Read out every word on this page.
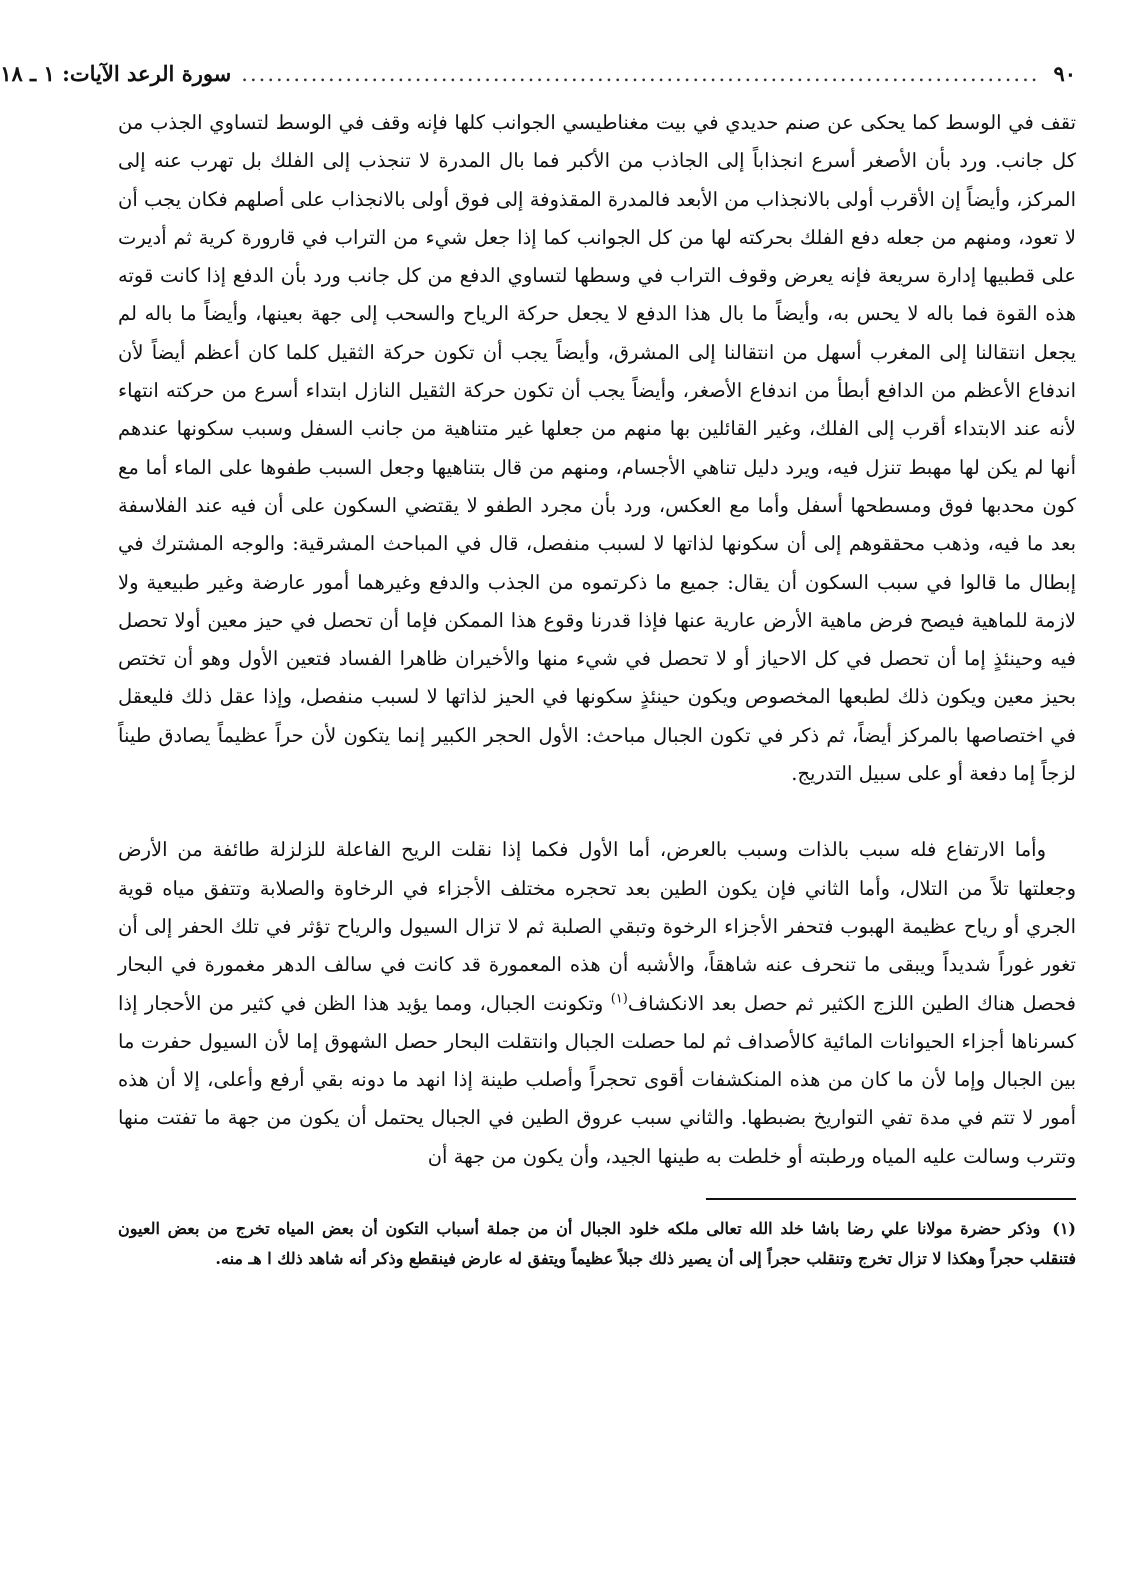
٩٠
............................................................................................
سورة الرعد الآيات: ١ ـ ١٨

تقف في الوسط كما يحكى عن صنم حديدي في بيت مغناطيسي الجوانب كلها فإنه وقف في الوسط لتساوي الجذب من كل جانب. ورد بأن الأصغر أسرع انجذاباً إلى الجاذب من الأكبر فما بال المدرة لا تنجذب إلى الفلك بل تهرب عنه إلى المركز، وأيضاً إن الأقرب أولى بالانجذاب من الأبعد فالمدرة المقذوفة إلى فوق أولى بالانجذاب على أصلهم فكان يجب أن لا تعود، ومنهم من جعله دفع الفلك بحركته لها من كل الجوانب كما إذا جعل شيء من التراب في قارورة كرية ثم أديرت على قطبيها إدارة سريعة فإنه يعرض وقوف التراب في وسطها لتساوي الدفع من كل جانب ورد بأن الدفع إذا كانت قوته هذه القوة فما باله لا يحس به، وأيضاً ما بال هذا الدفع لا يجعل حركة الرياح والسحب إلى جهة بعينها، وأيضاً ما باله لم يجعل انتقالنا إلى المغرب أسهل من انتقالنا إلى المشرق، وأيضاً يجب أن تكون حركة الثقيل كلما كان أعظم أيضاً لأن اندفاع الأعظم من الدافع أبطأ من اندفاع الأصغر، وأيضاً يجب أن تكون حركة الثقيل النازل ابتداء أسرع من حركته انتهاء لأنه عند الابتداء أقرب إلى الفلك، وغير القائلين بها منهم من جعلها غير متناهية من جانب السفل وسبب سكونها عندهم أنها لم يكن لها مهبط تنزل فيه، ويرد دليل تناهي الأجسام، ومنهم من قال بتناهيها وجعل السبب طفوها على الماء أما مع كون محدبها فوق ومسطحها أسفل وأما مع العكس، ورد بأن مجرد الطفو لا يقتضي السكون على أن فيه عند الفلاسفة بعد ما فيه، وذهب محققوهم إلى أن سكونها لذاتها لا لسبب منفصل، قال في المباحث المشرقية: والوجه المشترك في إبطال ما قالوا في سبب السكون أن يقال: جميع ما ذكرتموه من الجذب والدفع وغيرهما أمور عارضة وغير طبيعية ولا لازمة للماهية فيصح فرض ماهية الأرض عارية عنها فإذا قدرنا وقوع هذا الممكن فإما أن تحصل في حيز معين أولا تحصل فيه وحينئذٍ إما أن تحصل في كل الاحياز أو لا تحصل في شيء منها والأخيران ظاهرا الفساد فتعين الأول وهو أن تختص بحيز معين ويكون ذلك لطبعها المخصوص ويكون حينئذٍ سكونها في الحيز لذاتها لا لسبب منفصل، وإذا عقل ذلك فليعقل في اختصاصها بالمركز أيضاً، ثم ذكر في تكون الجبال مباحث: الأول الحجر الكبير إنما يتكون لأن حراً عظيماً يصادق طيناً لزجاً إما دفعة أو على سبيل التدريج.

وأما الارتفاع فله سبب بالذات وسبب بالعرض، أما الأول فكما إذا نقلت الريح الفاعلة للزلزلة طائفة من الأرض وجعلتها تلاً من التلال، وأما الثاني فإن يكون الطين بعد تحجره مختلف الأجزاء في الرخاوة والصلابة وتتفق مياه قوية الجري أو رياح عظيمة الهبوب فتحفر الأجزاء الرخوة وتبقي الصلبة ثم لا تزال السيول والرياح تؤثر في تلك الحفر إلى أن تغور غوراً شديداً ويبقى ما تنحرف عنه شاهقاً، والأشبه أن هذه المعمورة قد كانت في سالف الدهر مغمورة في البحار فحصل هناك الطين اللزج الكثير ثم حصل بعد الانكشاف$^{(١)}$ وتكونت الجبال، ومما يؤيد هذا الظن في كثير من الأحجار إذا كسرناها أجزاء الحيوانات المائية كالأصداف ثم لما حصلت الجبال وانتقلت البحار حصل الشهوق إما لأن السيول حفرت ما بين الجبال وإما لأن ما كان من هذه المنكشفات أقوى تحجراً وأصلب طينة إذا انهد ما دونه بقي أرفع وأعلى، إلا أن هذه أمور لا تتم في مدة تفي التواريخ بضبطها. والثاني سبب عروق الطين في الجبال يحتمل أن يكون من جهة ما تفتت منها وتترب وسالت عليه المياه ورطبته أو خلطت به طينها الجيد، وأن يكون من جهة أن

(١)وذكر حضرة مولانا علي رضا باشا خلد الله تعالى ملكه خلود الجبال أن من جملة أسباب التكون أن بعض المياه تخرج من بعض العيون فتنقلب حجراً وهكذا لا تزال تخرج وتنقلب حجراً إلى أن يصير ذلك جبلاً عظيماً ويتفق له عارض فينقطع وذكر أنه شاهد ذلك ا هـ منه.
